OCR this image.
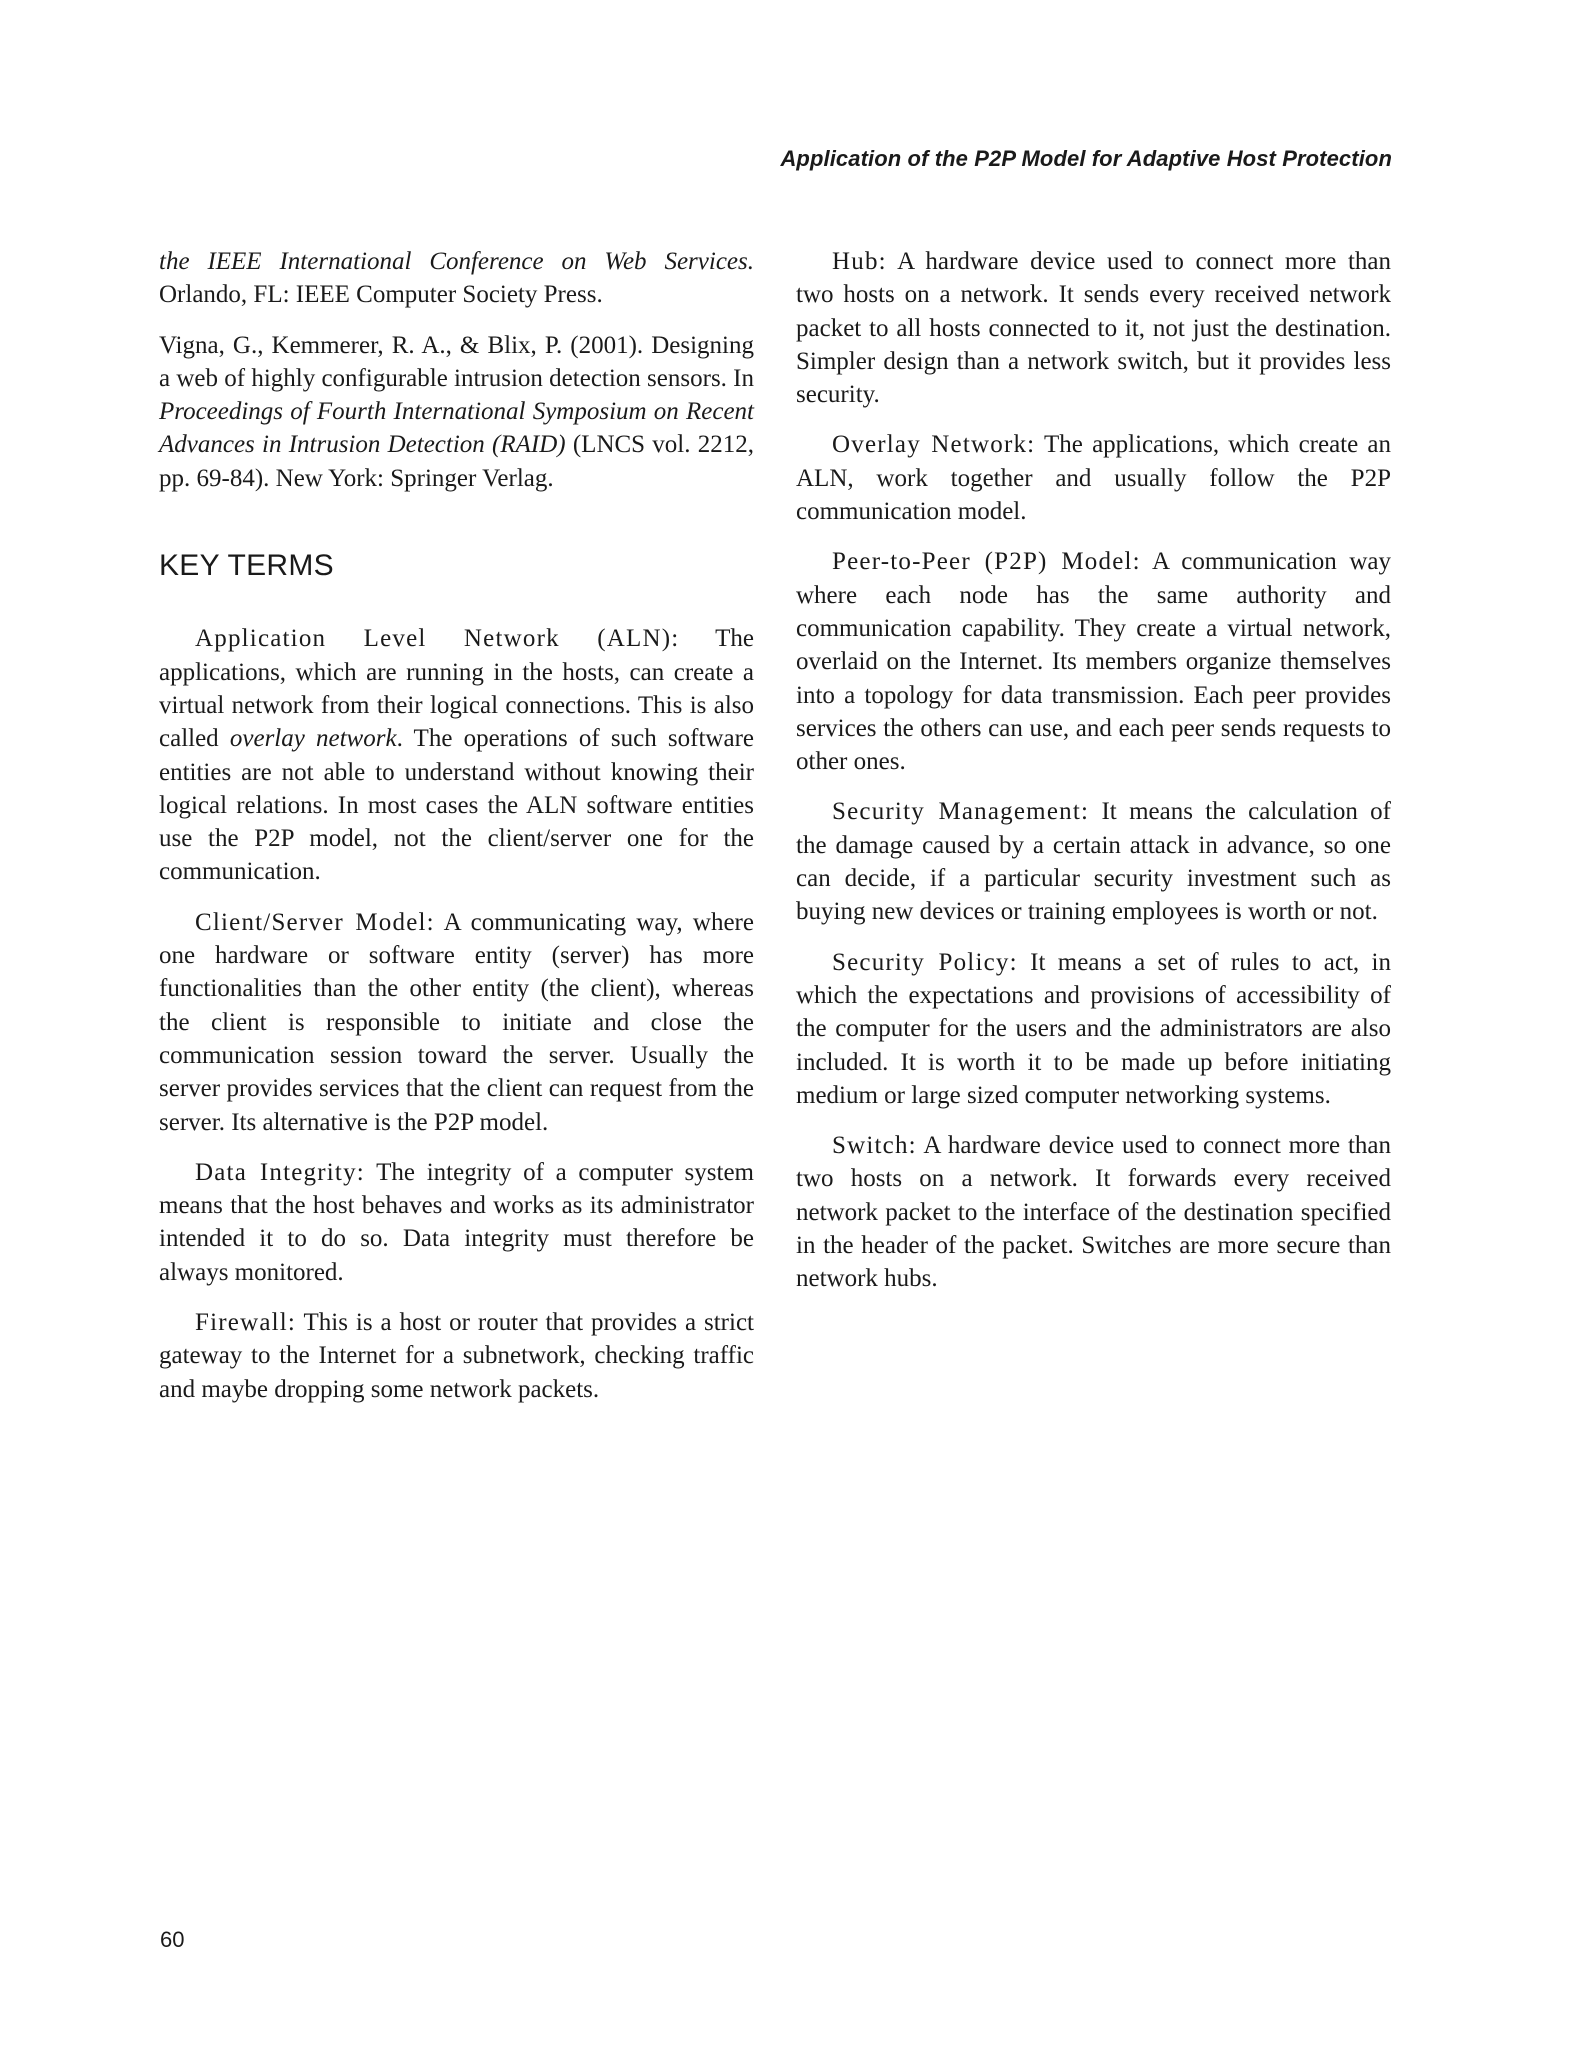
Application of the P2P Model for Adaptive Host Protection

the IEEE International Conference on Web Services. Orlando, FL: IEEE Computer Society Press.

Vigna, G., Kemmerer, R. A., & Blix, P. (2001). Designing a web of highly configurable intrusion detection sensors. In Proceedings of Fourth International Symposium on Recent Advances in Intrusion Detection (RAID) (LNCS vol. 2212, pp. 69-84). New York: Springer Verlag.

KEY TERMS

Application Level Network (ALN): The applications, which are running in the hosts, can create a virtual network from their logical connections. This is also called overlay network. The operations of such software entities are not able to understand without knowing their logical relations. In most cases the ALN software entities use the P2P model, not the client/server one for the communication.

Client/Server Model: A communicating way, where one hardware or software entity (server) has more functionalities than the other entity (the client), whereas the client is responsible to initiate and close the communication session toward the server. Usually the server provides services that the client can request from the server. Its alternative is the P2P model.

Data Integrity: The integrity of a computer system means that the host behaves and works as its administrator intended it to do so. Data integrity must therefore be always monitored.

Firewall: This is a host or router that provides a strict gateway to the Internet for a subnetwork, checking traffic and maybe dropping some network packets.

Hub: A hardware device used to connect more than two hosts on a network. It sends every received network packet to all hosts connected to it, not just the destination. Simpler design than a network switch, but it provides less security.

Overlay Network: The applications, which create an ALN, work together and usually follow the P2P communication model.

Peer-to-Peer (P2P) Model: A communication way where each node has the same authority and communication capability. They create a virtual network, overlaid on the Internet. Its members organize themselves into a topology for data transmission. Each peer provides services the others can use, and each peer sends requests to other ones.

Security Management: It means the calculation of the damage caused by a certain attack in advance, so one can decide, if a particular security investment such as buying new devices or training employees is worth or not.

Security Policy: It means a set of rules to act, in which the expectations and provisions of accessibility of the computer for the users and the administrators are also included. It is worth it to be made up before initiating medium or large sized computer networking systems.

Switch: A hardware device used to connect more than two hosts on a network. It forwards every received network packet to the interface of the destination specified in the header of the packet. Switches are more secure than network hubs.

60
